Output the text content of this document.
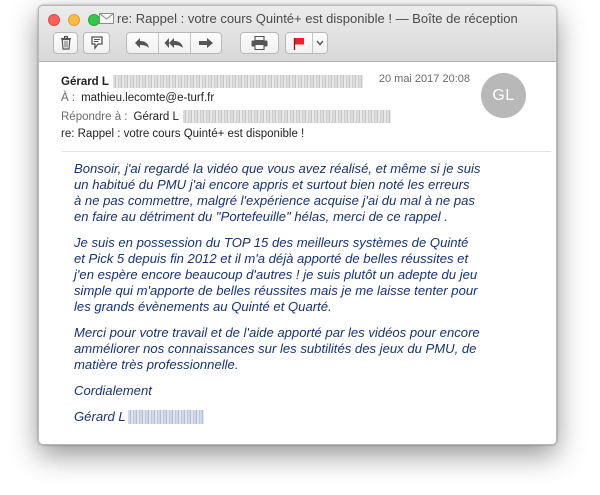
re: Rappel : votre cours Quinté+ est disponible ! — Boîte de réception
Gérard L	20 mai 2017 20:08
À : mathieu.lecomte@e-turf.fr
Répondre à : Gérard L
re: Rappel : votre cours Quinté+ est disponible !
GL

Bonsoir, j'ai regardé la vidéo que vous avez réalisé, et même si je suis
un habitué du PMU j'ai encore appris et surtout bien noté les erreurs
à ne pas commettre, malgré l'expérience acquise j'ai du mal à ne pas
en faire au détriment du "Portefeuille" hélas, merci de ce rappel .

Je suis en possession du TOP 15 des meilleurs systèmes de Quinté
et Pick 5 depuis fin 2012 et il m'a déjà apporté de belles réussites et
j'en espère encore beaucoup d'autres ! je suis plutôt un adepte du jeu
simple qui m'apporte de belles réussites mais je me laisse tenter pour
les grands évènements au Quinté et Quarté.

Merci pour votre travail et de l'aide apporté par les vidéos pour encore
amméliorer nos connaissances sur les subtilités des jeux du PMU, de
matière très professionnelle.

Cordialement

Gérard L
